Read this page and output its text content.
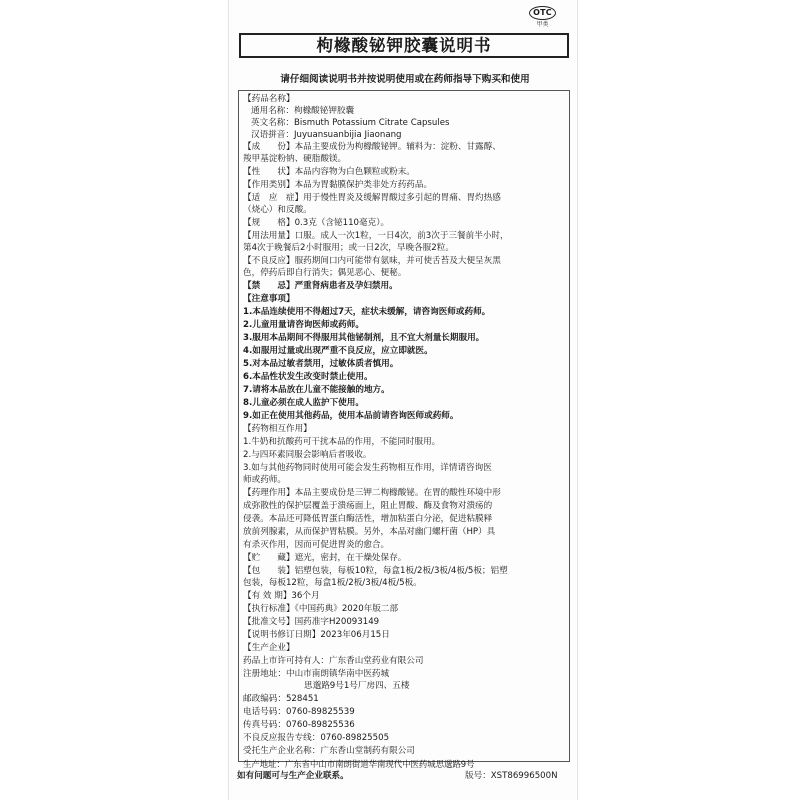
OTC
甲类
枸橼酸铋钾胶囊说明书
请仔细阅读说明书并按说明使用或在药师指导下购买和使用
【药品名称】
通用名称：枸橼酸铋钾胶囊
英文名称：Bismuth Potassium Citrate Capsules
汉语拼音：Juyuansuanbijia Jiaonang
【成　　份】本品主要成份为枸橼酸铋钾。辅料为：淀粉、甘露醇、
羧甲基淀粉钠、硬脂酸镁。
【性　　状】本品内容物为白色颗粒或粉末。
【作用类别】本品为胃黏膜保护类非处方药药品。
【适　应　症】用于慢性胃炎及缓解胃酸过多引起的胃痛、胃灼热感
（烧心）和反酸。
【规　　格】0.3克（含铋110毫克）。
【用法用量】口服。成人一次1粒，一日4次，前3次于三餐前半小时，
第4次于晚餐后2小时服用；或一日2次，早晚各服2粒。
【不良反应】服药期间口内可能带有氨味，并可使舌苔及大便呈灰黑
色，停药后即自行消失；偶见恶心、便秘。
【禁　　忌】严重肾病患者及孕妇禁用。
【注意事项】
1.本品连续使用不得超过7天，症状未缓解，请咨询医师或药师。
2.儿童用量请咨询医师或药师。
3.服用本品期间不得服用其他铋制剂，且不宜大剂量长期服用。
4.如服用过量或出现严重不良反应，应立即就医。
5.对本品过敏者禁用，过敏体质者慎用。
6.本品性状发生改变时禁止使用。
7.请将本品放在儿童不能接触的地方。
8.儿童必须在成人监护下使用。
9.如正在使用其他药品，使用本品前请咨询医师或药师。
【药物相互作用】
1.牛奶和抗酸药可干扰本品的作用，不能同时服用。
2.与四环素同服会影响后者吸收。
3.如与其他药物同时使用可能会发生药物相互作用，详情请咨询医
师或药师。
【药理作用】本品主要成份是三钾二枸橼酸铋。在胃的酸性环境中形
成弥散性的保护层覆盖于溃疡面上，阻止胃酸、酶及食物对溃疡的
侵袭。本品还可降低胃蛋白酶活性，增加粘蛋白分泌，促进粘膜释
放前列腺素，从而保护胃粘膜。另外，本品对幽门螺杆菌（HP）具
有杀灭作用，因而可促进胃炎的愈合。
【贮　　藏】遮光，密封，在干燥处保存。
【包　　装】铝塑包装，每板10粒，每盒1板/2板/3板/4板/5板；铝塑
包装，每板12粒，每盒1板/2板/3板/4板/5板。
【有 效 期】36个月
【执行标准】《中国药典》2020年版二部
【批准文号】国药准字H20093149
【说明书修订日期】2023年06月15日
【生产企业】
药品上市许可持有人：广东香山堂药业有限公司
注册地址：中山市南朗镇华南中医药城
思邈路9号1号厂房四、五楼
邮政编码：528451
电话号码：0760-89825539
传真号码：0760-89825536
不良反应报告专线：0760-89825505
受托生产企业名称：广东香山堂制药有限公司
生产地址：广东省中山市南朗街道华南现代中医药城思邈路9号
如有问题可与生产企业联系。	版号：XST86996500N
